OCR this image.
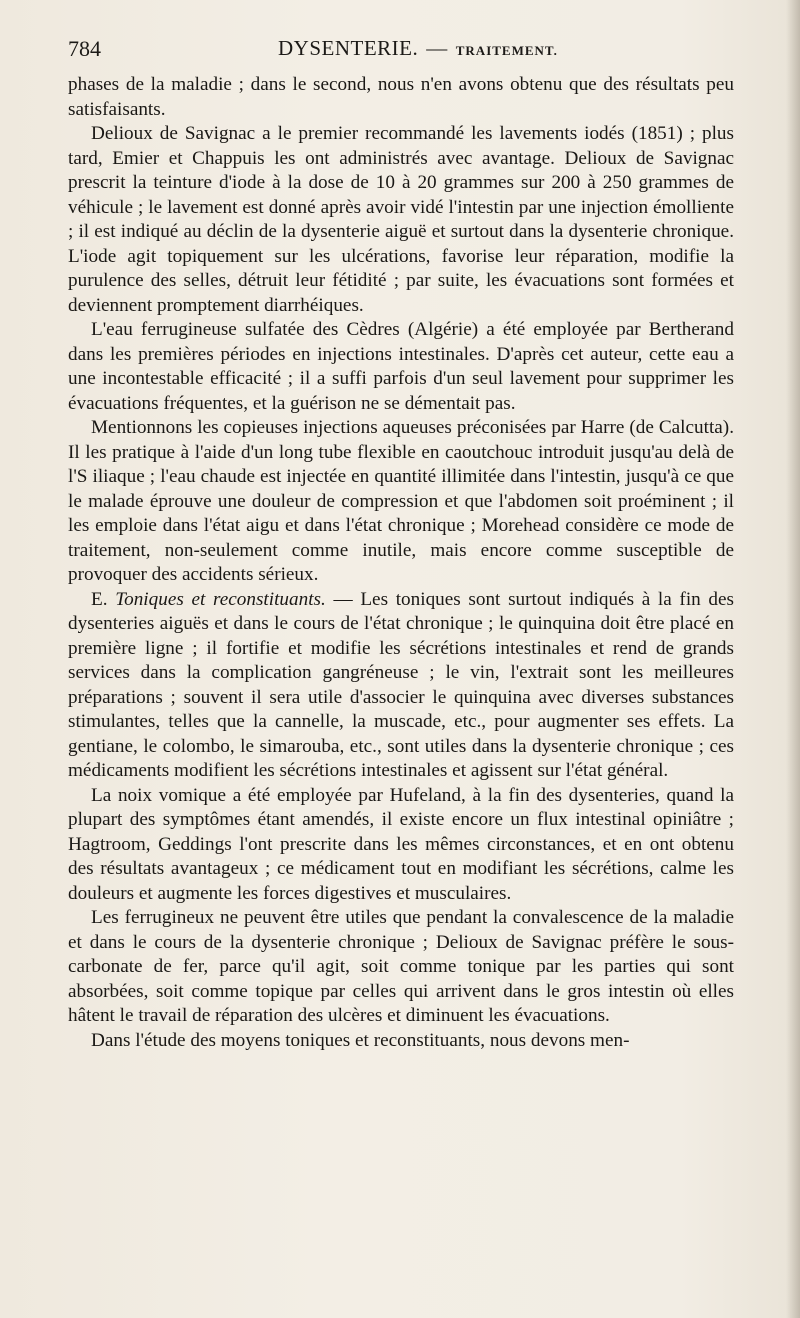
784	DYSENTERIE. — TRAITEMENT.

phases de la maladie ; dans le second, nous n'en avons obtenu que des résultats peu satisfaisants.

Delioux de Savignac a le premier recommandé les lavements iodés (1851) ; plus tard, Emier et Chappuis les ont administrés avec avantage. Delioux de Savignac prescrit la teinture d'iode à la dose de 10 à 20 grammes sur 200 à 250 grammes de véhicule ; le lavement est donné après avoir vidé l'intestin par une injection émolliente ; il est indiqué au déclin de la dysenterie aiguë et surtout dans la dysenterie chronique. L'iode agit topiquement sur les ulcérations, favorise leur réparation, modifie la purulence des selles, détruit leur fétidité ; par suite, les évacuations sont formées et deviennent promptement diarrhéiques.

L'eau ferrugineuse sulfatée des Cèdres (Algérie) a été employée par Bertherand dans les premières périodes en injections intestinales. D'après cet auteur, cette eau a une incontestable efficacité ; il a suffi parfois d'un seul lavement pour supprimer les évacuations fréquentes, et la guérison ne se démentait pas.

Mentionnons les copieuses injections aqueuses préconisées par Harre (de Calcutta). Il les pratique à l'aide d'un long tube flexible en caoutchouc introduit jusqu'au delà de l'S iliaque ; l'eau chaude est injectée en quantité illimitée dans l'intestin, jusqu'à ce que le malade éprouve une douleur de compression et que l'abdomen soit proéminent ; il les emploie dans l'état aigu et dans l'état chronique ; Morehead considère ce mode de traitement, non-seulement comme inutile, mais encore comme susceptible de provoquer des accidents sérieux.

E. Toniques et reconstituants. — Les toniques sont surtout indiqués à la fin des dysenteries aiguës et dans le cours de l'état chronique ; le quinquina doit être placé en première ligne ; il fortifie et modifie les sécrétions intestinales et rend de grands services dans la complication gangréneuse ; le vin, l'extrait sont les meilleures préparations ; souvent il sera utile d'associer le quinquina avec diverses substances stimulantes, telles que la cannelle, la muscade, etc., pour augmenter ses effets. La gentiane, le colombo, le simarouba, etc., sont utiles dans la dysenterie chronique ; ces médicaments modifient les sécrétions intestinales et agissent sur l'état général.

La noix vomique a été employée par Hufeland, à la fin des dysenteries, quand la plupart des symptômes étant amendés, il existe encore un flux intestinal opiniâtre ; Hagtroom, Geddings l'ont prescrite dans les mêmes circonstances, et en ont obtenu des résultats avantageux ; ce médicament tout en modifiant les sécrétions, calme les douleurs et augmente les forces digestives et musculaires.

Les ferrugineux ne peuvent être utiles que pendant la convalescence de la maladie et dans le cours de la dysenterie chronique ; Delioux de Savignac préfère le sous-carbonate de fer, parce qu'il agit, soit comme tonique par les parties qui sont absorbées, soit comme topique par celles qui arrivent dans le gros intestin où elles hâtent le travail de réparation des ulcères et diminuent les évacuations.

Dans l'étude des moyens toniques et reconstituants, nous devons men-
